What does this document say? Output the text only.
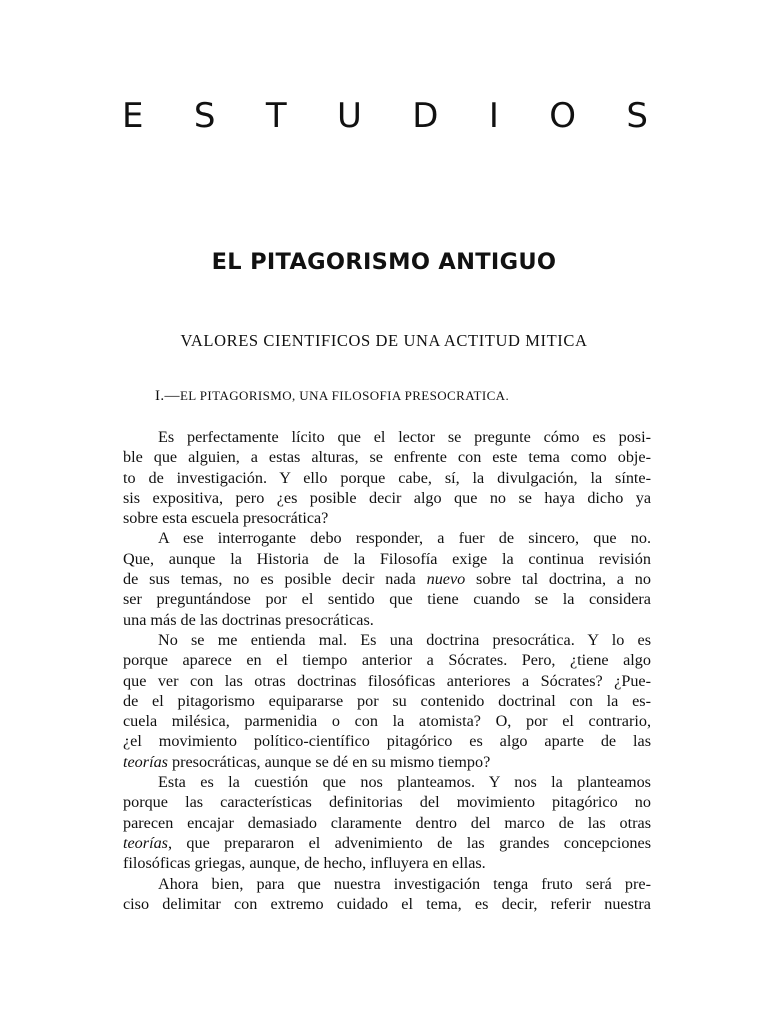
E S T U D I O S
EL PITAGORISMO ANTIGUO
VALORES CIENTIFICOS DE UNA ACTITUD MITICA
I.—EL PITAGORISMO, UNA FILOSOFIA PRESOCRATICA.
Es perfectamente lícito que el lector se pregunte cómo es posi-
ble que alguien, a estas alturas, se enfrente con este tema como obje-
to de investigación. Y ello porque cabe, sí, la divulgación, la sínte-
sis expositiva, pero ¿es posible decir algo que no se haya dicho ya
sobre esta escuela presocrática?
A ese interrogante debo responder, a fuer de sincero, que no.
Que, aunque la Historia de la Filosofía exige la continua revisión
de sus temas, no es posible decir nada nuevo sobre tal doctrina, a no
ser preguntándose por el sentido que tiene cuando se la considera
una más de las doctrinas presocráticas.
No se me entienda mal. Es una doctrina presocrática. Y lo es
porque aparece en el tiempo anterior a Sócrates. Pero, ¿tiene algo
que ver con las otras doctrinas filosóficas anteriores a Sócrates? ¿Pue-
de el pitagorismo equipararse por su contenido doctrinal con la es-
cuela milésica, parmenidia o con la atomista? O, por el contrario,
¿el movimiento político-científico pitagórico es algo aparte de las
teorías presocráticas, aunque se dé en su mismo tiempo?
Esta es la cuestión que nos planteamos. Y nos la planteamos
porque las características definitorias del movimiento pitagórico no
parecen encajar demasiado claramente dentro del marco de las otras
teorías, que prepararon el advenimiento de las grandes concepciones
filosóficas griegas, aunque, de hecho, influyera en ellas.
Ahora bien, para que nuestra investigación tenga fruto será pre-
ciso delimitar con extremo cuidado el tema, es decir, referir nuestra
